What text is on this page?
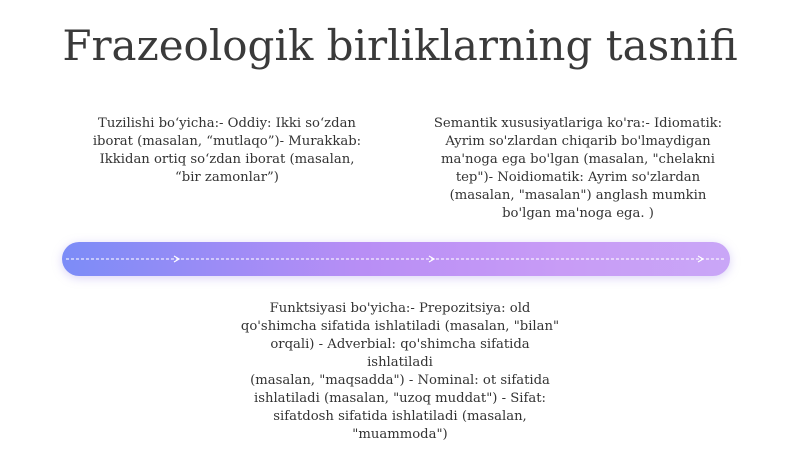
Frazeologik birliklarning tasnifi
Tuzilishi bo‘yicha:- Oddiy: Ikki so‘zdan
iborat (masalan, “mutlaqo”)- Murakkab:
Ikkidan ortiq so‘zdan iborat (masalan,
“bir zamonlar”)
Semantik xususiyatlariga ko'ra:- Idiomatik:
Ayrim so'zlardan chiqarib bo'lmaydigan
ma'noga ega bo'lgan (masalan, "chelakni
tep")- Noidiomatik: Ayrim so'zlardan
(masalan, "masalan") anglash mumkin
bo'lgan ma'noga ega. )
Funktsiyasi bo'yicha:- Prepozitsiya: old
qo'shimcha sifatida ishlatiladi (masalan, "bilan"
orqali) - Adverbial: qo'shimcha sifatida ishlatiladi
(masalan, "maqsadda") - Nominal: ot sifatida
ishlatiladi (masalan, "uzoq muddat") - Sifat:
sifatdosh sifatida ishlatiladi (masalan,
"muammoda")
